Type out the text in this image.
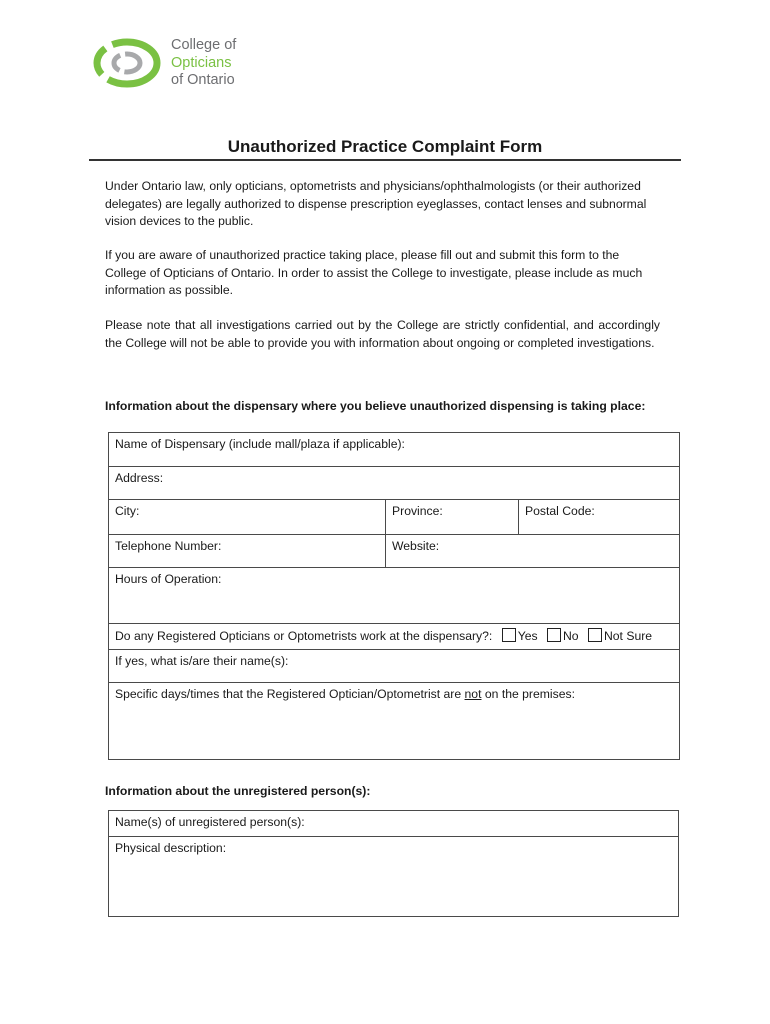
College of
Opticians
of Ontario
Unauthorized Practice Complaint Form

Under Ontario law, only opticians, optometrists and physicians/ophthalmologists (or their authorized delegates) are legally authorized to dispense prescription eyeglasses, contact lenses and subnormal vision devices to the public.

If you are aware of unauthorized practice taking place, please fill out and submit this form to the College of Opticians of Ontario. In order to assist the College to investigate, please include as much information as possible.

Please note that all investigations carried out by the College are strictly confidential, and accordingly the College will not be able to provide you with information about ongoing or completed investigations.

Information about the dispensary where you believe unauthorized dispensing is taking place:

Name of Dispensary (include mall/plaza if applicable):		
Address:		
City:	Province:	Postal Code:
Telephone Number:	Website:	
Hours of Operation:		
Do any Registered Opticians or Optometrists work at the dispensary?: Yes No Not Sure		
If yes, what is/are their name(s):		
Specific days/times that the Registered Optician/Optometrist are not on the premises:		

Information about the unregistered person(s):

Name(s) of unregistered person(s):
Physical description:
